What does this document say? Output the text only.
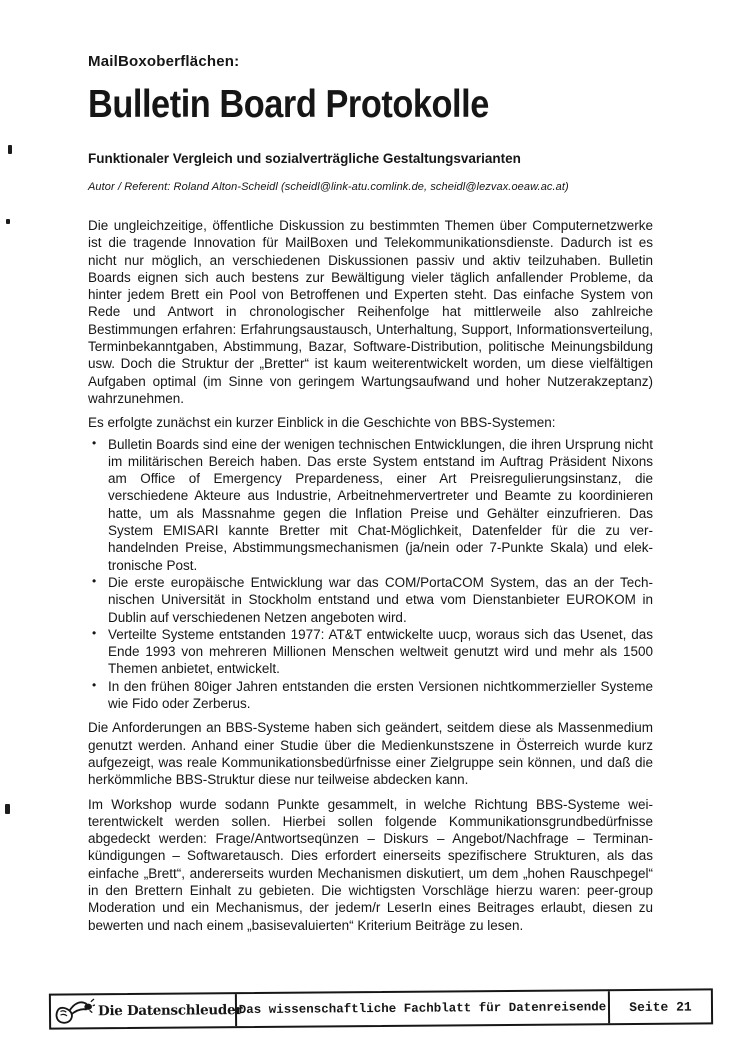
MailBoxoberflächen:
Bulletin Board Protokolle
Funktionaler Vergleich und sozialverträgliche Gestaltungsvarianten
Autor / Referent: Roland Alton-Scheidl (scheidl@link-atu.comlink.de, scheidl@lezvax.oeaw.ac.at)

Die ungleichzeitige, öffentliche Diskussion zu bestimmten Themen über Computernetzwerke ist die tragende Innovation für MailBoxen und Telekommunikationsdienste. Dadurch ist es nicht nur möglich, an verschiedenen Diskussionen passiv und aktiv teilzuhaben. Bulletin Boards eignen sich auch bestens zur Bewältigung vieler täglich anfallender Probleme, da hinter jedem Brett ein Pool von Betroffenen und Experten steht. Das einfache System von Rede und Antwort in chronologischer Reihenfolge hat mittlerweile also zahlreiche Bestimmungen erfahren: Erfahrungsaustausch, Unterhaltung, Support, Informationsverteilung, Terminbekanntgaben, Abstimmung, Bazar, Software-Distribution, politische Meinungsbildung usw. Doch die Struktur der „Bretter“ ist kaum weiterentwickelt worden, um diese vielfältigen Aufgaben optimal (im Sinne von geringem Wartungsaufwand und hoher Nutzerakzeptanz) wahrzunehmen.

Es erfolgte zunächst ein kurzer Einblick in die Geschichte von BBS-Systemen:

• Bulletin Boards sind eine der wenigen technischen Entwicklungen, die ihren Ursprung nicht im militärischen Bereich haben. Das erste System entstand im Auftrag Präsident Nixons am Office of Emergency Prepardeness, einer Art Preisregulierungsinstanz, die verschiedene Akteure aus Industrie, Arbeitnehmervertreter und Beamte zu koordinieren hatte, um als Massnahme gegen die Inflation Preise und Gehälter einzufrieren. Das System EMISARI kannte Bretter mit Chat-Möglichkeit, Datenfelder für die zu verhandelnden Preise, Abstimmungsmechanismen (ja/nein oder 7-Punkte Skala) und elektronische Post.
• Die erste europäische Entwicklung war das COM/PortaCOM System, das an der Technischen Universität in Stockholm entstand und etwa vom Dienstanbieter EUROKOM in Dublin auf verschiedenen Netzen angeboten wird.
• Verteilte Systeme entstanden 1977: AT&T entwickelte uucp, woraus sich das Usenet, das Ende 1993 von mehreren Millionen Menschen weltweit genutzt wird und mehr als 1500 Themen anbietet, entwickelt.
• In den frühen 80iger Jahren entstanden die ersten Versionen nichtkommerzieller Systeme wie Fido oder Zerberus.

Die Anforderungen an BBS-Systeme haben sich geändert, seitdem diese als Massenmedium genutzt werden. Anhand einer Studie über die Medienkunstszene in Österreich wurde kurz aufgezeigt, was reale Kommunikationsbedürfnisse einer Zielgruppe sein können, und daß die herkömmliche BBS-Struktur diese nur teilweise abdecken kann.

Im Workshop wurde sodann Punkte gesammelt, in welche Richtung BBS-Systeme weiterentwickelt werden sollen. Hierbei sollen folgende Kommunikationsgrundbedürfnisse abgedeckt werden: Frage/Antwortseqünzen – Diskurs – Angebot/Nachfrage – Terminankündigungen – Softwaretausch. Dies erfordert einerseits spezifischere Strukturen, als das einfache „Brett“, andererseits wurden Mechanismen diskutiert, um dem „hohen Rauschpegel“ in den Brettern Einhalt zu gebieten. Die wichtigsten Vorschläge hierzu waren: peer-group Moderation und ein Mechanismus, der jedem/r LeserIn eines Beitrages erlaubt, diesen zu bewerten und nach einem „basisevaluierten“ Kriterium Beiträge zu lesen.

Die Datenschleuder
Das wissenschaftliche Fachblatt für Datenreisende	Seite 21
